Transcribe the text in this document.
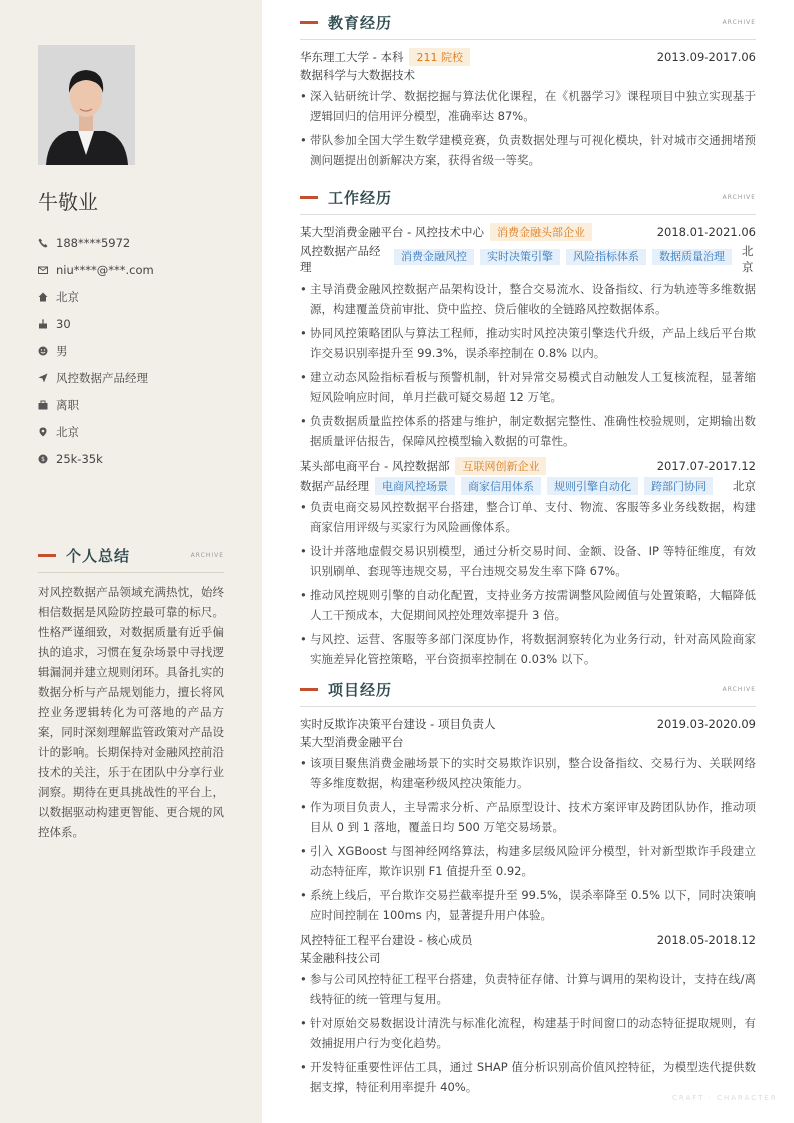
牛敬业
188****5972
niu****@***.com
北京
30
男
风控数据产品经理
离职
北京
$ 25k-35k
个人总结	ARCHIVE
对风控数据产品领域充满热忱，始终相信数据是风险防控最可靠的标尺。性格严谨细致，对数据质量有近乎偏执的追求，习惯在复杂场景中寻找逻辑漏洞并建立规则闭环。具备扎实的数据分析与产品规划能力，擅长将风控业务逻辑转化为可落地的产品方案，同时深刻理解监管政策对产品设计的影响。长期保持对金融风控前沿技术的关注，乐于在团队中分享行业洞察。期待在更具挑战性的平台上，以数据驱动构建更智能、更合规的风控体系。
教育经历	ARCHIVE
华东理工大学 - 本科	211 院校	2013.09-2017.06
数据科学与大数据技术
• 深入钻研统计学、数据挖掘与算法优化课程，在《机器学习》课程项目中独立实现基于逻辑回归的信用评分模型，准确率达 87%。
• 带队参加全国大学生数学建模竞赛，负责数据处理与可视化模块，针对城市交通拥堵预测问题提出创新解决方案，获得省级一等奖。
工作经历	ARCHIVE
某大型消费金融平台 - 风控技术中心	消费金融头部企业	2018.01-2021.06
风控数据产品经理
消费金融风控	实时决策引擎	风险指标体系	数据质量治理	北京
• 主导消费金融风控数据产品架构设计，整合交易流水、设备指纹、行为轨迹等多维数据源，构建覆盖贷前审批、贷中监控、贷后催收的全链路风控数据体系。
• 协同风控策略团队与算法工程师，推动实时风控决策引擎迭代升级，产品上线后平台欺诈交易识别率提升至 99.3%，误杀率控制在 0.8% 以内。
• 建立动态风险指标看板与预警机制，针对异常交易模式自动触发人工复核流程，显著缩短风险响应时间，单月拦截可疑交易超 12 万笔。
• 负责数据质量监控体系的搭建与维护，制定数据完整性、准确性校验规则，定期输出数据质量评估报告，保障风控模型输入数据的可靠性。
某头部电商平台 - 风控数据部	互联网创新企业	2017.07-2017.12
数据产品经理	电商风控场景	商家信用体系	规则引擎自动化	跨部门协同	北京
• 负责电商交易风控数据平台搭建，整合订单、支付、物流、客服等多业务线数据，构建商家信用评级与买家行为风险画像体系。
• 设计并落地虚假交易识别模型，通过分析交易时间、金额、设备、IP 等特征维度，有效识别刷单、套现等违规交易，平台违规交易发生率下降 67%。
• 推动风控规则引擎的自动化配置，支持业务方按需调整风险阈值与处置策略，大幅降低人工干预成本，大促期间风控处理效率提升 3 倍。
• 与风控、运营、客服等多部门深度协作，将数据洞察转化为业务行动，针对高风险商家实施差异化管控策略，平台资损率控制在 0.03% 以下。
项目经历	ARCHIVE
实时反欺诈决策平台建设 - 项目负责人	2019.03-2020.09
某大型消费金融平台
• 该项目聚焦消费金融场景下的实时交易欺诈识别，整合设备指纹、交易行为、关联网络等多维度数据，构建毫秒级风控决策能力。
• 作为项目负责人，主导需求分析、产品原型设计、技术方案评审及跨团队协作，推动项目从 0 到 1 落地，覆盖日均 500 万笔交易场景。
• 引入 XGBoost 与图神经网络算法，构建多层级风险评分模型，针对新型欺诈手段建立动态特征库，欺诈识别 F1 值提升至 0.92。
• 系统上线后，平台欺诈交易拦截率提升至 99.5%，误杀率降至 0.5% 以下，同时决策响应时间控制在 100ms 内，显著提升用户体验。
风控特征工程平台建设 - 核心成员	2018.05-2018.12
某金融科技公司
• 参与公司风控特征工程平台搭建，负责特征存储、计算与调用的架构设计，支持在线/离线特征的统一管理与复用。
• 针对原始交易数据设计清洗与标准化流程，构建基于时间窗口的动态特征提取规则，有效捕捉用户行为变化趋势。
• 开发特征重要性评估工具，通过 SHAP 值分析识别高价值风控特征，为模型迭代提供数据支撑，特征利用率提升 40%。
CRAFT · CHARACTER
